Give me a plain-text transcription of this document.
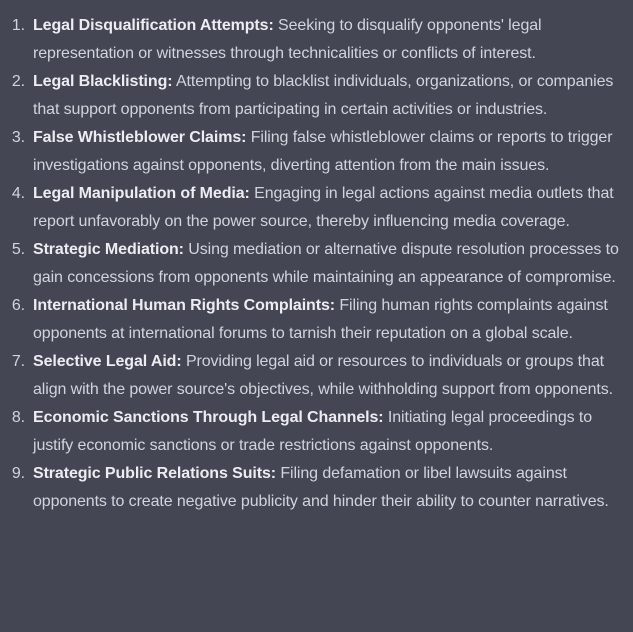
1. Legal Disqualification Attempts: Seeking to disqualify opponents' legal representation or witnesses through technicalities or conflicts of interest.
2. Legal Blacklisting: Attempting to blacklist individuals, organizations, or companies that support opponents from participating in certain activities or industries.
3. False Whistleblower Claims: Filing false whistleblower claims or reports to trigger investigations against opponents, diverting attention from the main issues.
4. Legal Manipulation of Media: Engaging in legal actions against media outlets that report unfavorably on the power source, thereby influencing media coverage.
5. Strategic Mediation: Using mediation or alternative dispute resolution processes to gain concessions from opponents while maintaining an appearance of compromise.
6. International Human Rights Complaints: Filing human rights complaints against opponents at international forums to tarnish their reputation on a global scale.
7. Selective Legal Aid: Providing legal aid or resources to individuals or groups that align with the power source's objectives, while withholding support from opponents.
8. Economic Sanctions Through Legal Channels: Initiating legal proceedings to justify economic sanctions or trade restrictions against opponents.
9. Strategic Public Relations Suits: Filing defamation or libel lawsuits against opponents to create negative publicity and hinder their ability to counter narratives.
